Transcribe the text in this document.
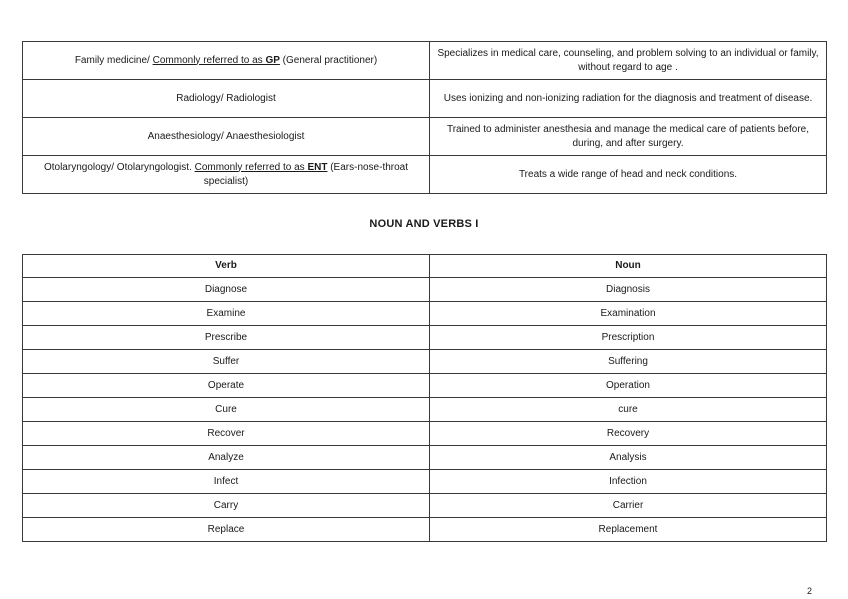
Family medicine/ Commonly referred to as GP (General practitioner)	Specializes in medical care, counseling, and problem solving to an individual or family, without regard to age .
Radiology/ Radiologist	Uses ionizing and non-ionizing radiation for the diagnosis and treatment of disease.
Anaesthesiology/ Anaesthesiologist	Trained to administer anesthesia and manage the medical care of patients before, during, and after surgery.
Otolaryngology/ Otolaryngologist. Commonly referred to as ENT (Ears-nose-throat specialist)	Treats a wide range of head and neck conditions.
NOUN AND VERBS I
Verb	Noun
Diagnose	Diagnosis
Examine	Examination
Prescribe	Prescription
Suffer	Suffering
Operate	Operation
Cure	cure
Recover	Recovery
Analyze	Analysis
Infect	Infection
Carry	Carrier
Replace	Replacement
2
